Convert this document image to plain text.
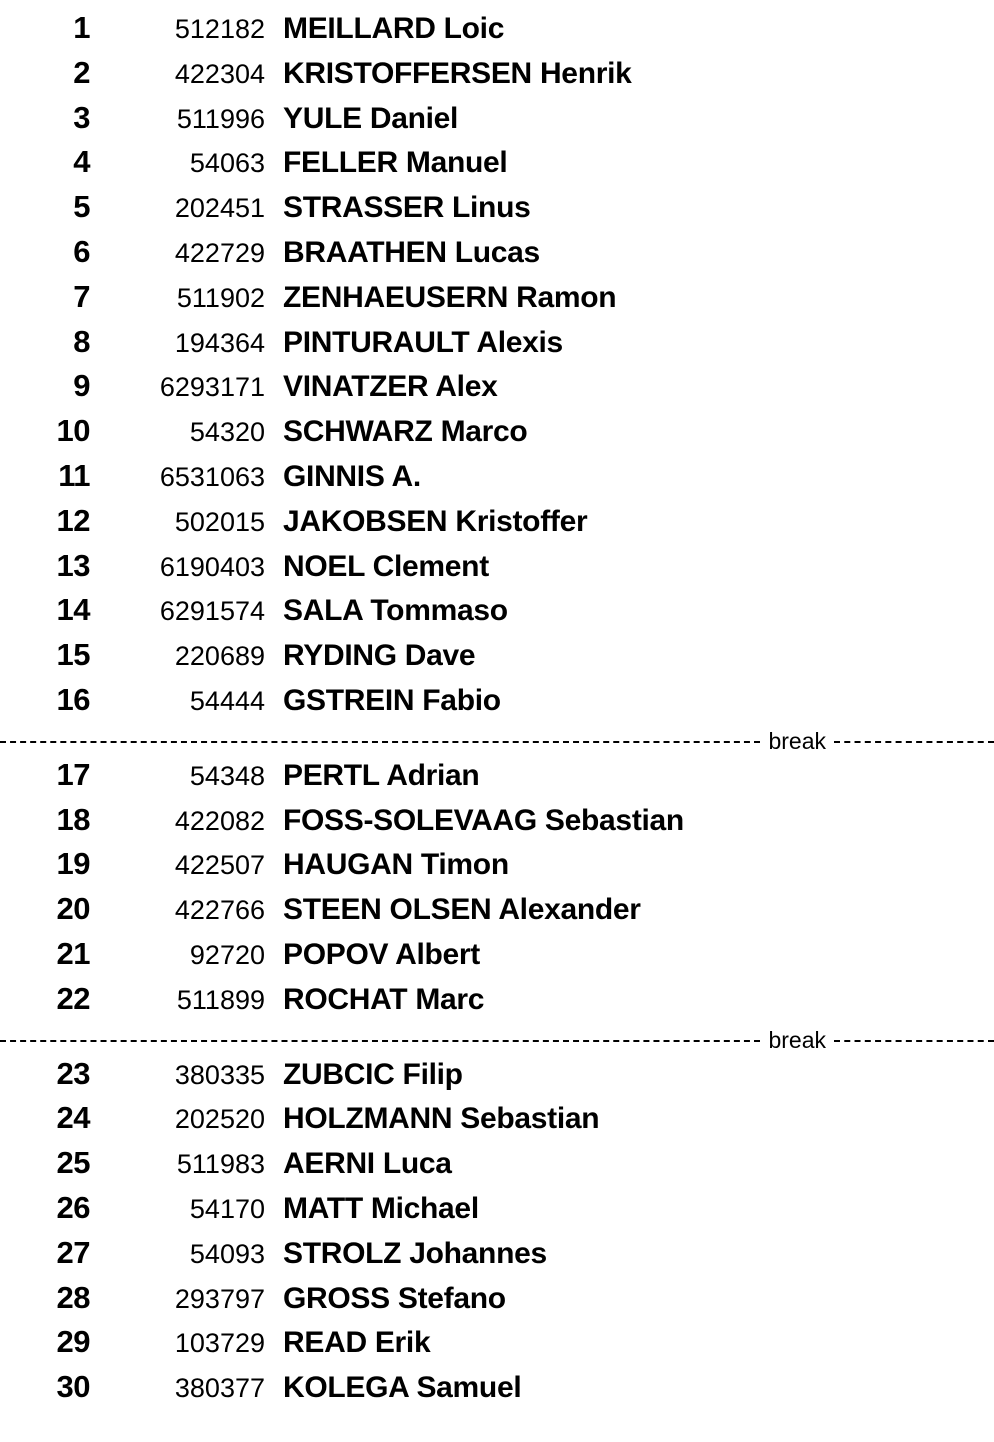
1	512182 MEILLARD Loic
2	422304 KRISTOFFERSEN Henrik
3	511996 YULE Daniel
4	54063 FELLER Manuel
5	202451 STRASSER Linus
6	422729 BRAATHEN Lucas
7	511902 ZENHAEUSERN Ramon
8	194364 PINTURAULT Alexis
9	6293171 VINATZER Alex
10	54320 SCHWARZ Marco
11	6531063 GINNIS A.
12	502015 JAKOBSEN Kristoffer
13	6190403 NOEL Clement
14	6291574 SALA Tommaso
15	220689 RYDING Dave
16	54444 GSTREIN Fabio
break
17	54348 PERTL Adrian
18	422082 FOSS-SOLEVAAG Sebastian
19	422507 HAUGAN Timon
20	422766 STEEN OLSEN Alexander
21	92720 POPOV Albert
22	511899 ROCHAT Marc
break
23	380335 ZUBCIC Filip
24	202520 HOLZMANN Sebastian
25	511983 AERNI Luca
26	54170 MATT Michael
27	54093 STROLZ Johannes
28	293797 GROSS Stefano
29	103729 READ Erik
30	380377 KOLEGA Samuel
